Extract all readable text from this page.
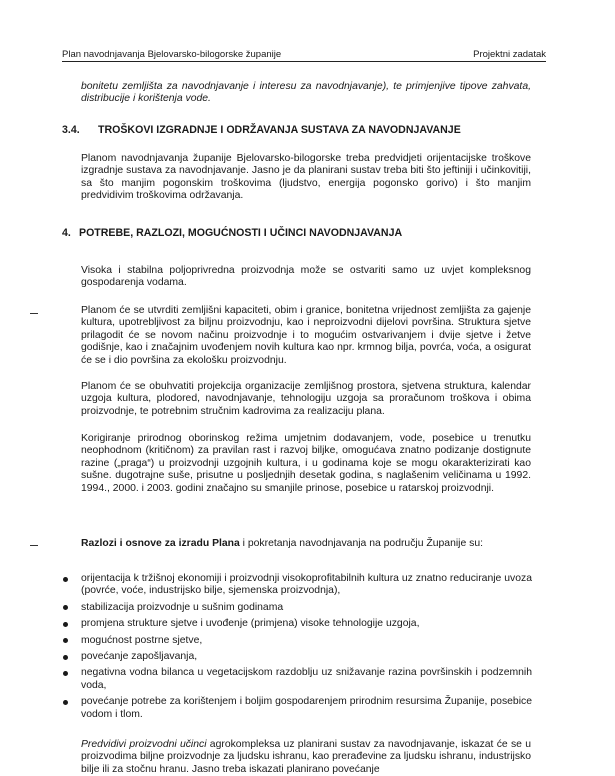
Plan navodnjavanja Bjelovarsko-bilogorske županije	Projektni zadatak
bonitetu zemljišta za navodnjavanje i interesu za navodnjavanje), te primjenjive tipove zahvata, distribucije i korištenja vode.
3.4. TROŠKOVI IZGRADNJE I ODRŽAVANJA SUSTAVA ZA NAVODNJAVANJE
Planom navodnjavanja županije Bjelovarsko-bilogorske treba predvidjeti orijentacijske troškove izgradnje sustava za navodnjavanje. Jasno je da planirani sustav treba biti što jeftiniji i učinkovitiji, sa što manjim pogonskim troškovima (ljudstvo, energija pogonsko gorivo) i što manjim predvidivim troškovima održavanja.
4. POTREBE, RAZLOZI, MOGUĆNOSTI I UČINCI NAVODNJAVANJA
Visoka i stabilna poljoprivredna proizvodnja može se ostvariti samo uz uvjet kompleksnog gospodarenja vodama.
Planom će se utvrditi zemljišni kapaciteti, obim i granice, bonitetna vrijednost zemljišta za gajenje kultura, upotrebljivost za biljnu proizvodnju, kao i neproizvodni dijelovi površina. Struktura sjetve prilagodit će se novom načinu proizvodnje i to mogućim ostvarivanjem i dvije sjetve i žetve godišnje, kao i značajnim uvođenjem novih kultura kao npr. krmnog bilja, povrća, voća, a osigurat će se i dio površina za ekološku proizvodnju.
Planom će se obuhvatiti projekcija organizacije zemljišnog prostora, sjetvena struktura, kalendar uzgoja kultura, plodored, navodnjavanje, tehnologiju uzgoja sa proračunom troškova i obima proizvodnje, te potrebnim stručnim kadrovima za realizaciju plana.
Korigiranje prirodnog oborinskog režima umjetnim dodavanjem, vode, posebice u trenutku neophodnom (kritičnom) za pravilan rast i razvoj biljke, omogućava znatno podizanje dostignute razine („praga“) u proizvodnji uzgojnih kultura, i u godinama koje se mogu okarakterizirati kao sušne. dugotrajne suše, prisutne u posljednjih desetak godina, s naglašenim veličinama u 1992. 1994., 2000. i 2003. godini značajno su smanjile prinose, posebice u ratarskoj proizvodnji.
Razlozi i osnove za izradu Plana i pokretanja navodnjavanja na području Županije su:
orijentacija k tržišnoj ekonomiji i proizvodnji visokoprofitabilnih kultura uz znatno reduciranje uvoza (povrće, voće, industrijsko bilje, sjemenska proizvodnja),
stabilizacija proizvodnje u sušnim godinama
promjena strukture sjetve i uvođenje (primjena) visoke tehnologije uzgoja,
mogućnost postrne sjetve,
povećanje zapošljavanja,
negativna vodna bilanca u vegetacijskom razdoblju uz snižavanje razina površinskih i podzemnih voda,
povećanje potrebe za korištenjem i boljim gospodarenjem prirodnim resursima Županije, posebice vodom i tlom.
Predvidivi proizvodni učinci agrokompleksa uz planirani sustav za navodnjavanje, iskazat će se u proizvodima biljne proizvodnje za ljudsku ishranu, kao prerađevine za ljudsku ishranu, industrijsko bilje ili za stočnu hranu. Jasno treba iskazati planirano povećanje
